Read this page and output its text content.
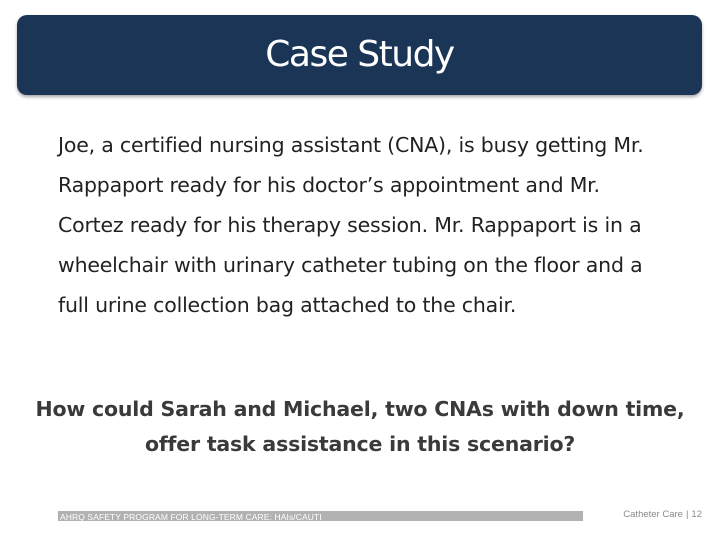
Case Study

Joe, a certified nursing assistant (CNA), is busy getting Mr. Rappaport ready for his doctor’s appointment and Mr. Cortez ready for his therapy session. Mr. Rappaport is in a wheelchair with urinary catheter tubing on the floor and a full urine collection bag attached to the chair.

How could Sarah and Michael, two CNAs with down time, offer task assistance in this scenario?

AHRQ SAFETY PROGRAM FOR LONG-TERM CARE: HAIs/CAUTI	Catheter Care | 12
